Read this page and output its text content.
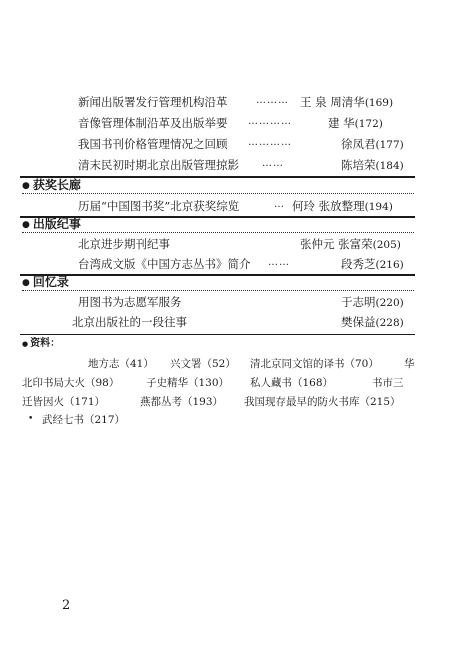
新闻出版署发行管理机构沿革	……… 王 泉 周清华(169)
音像管理体制沿革及出版举要 …………	建 华(172)
我国书刊价格管理情况之回顾 …………	徐凤君(177)
清末民初时期北京出版管理掠影 ……	陈培荣(184)
● 获奖长廊
历届“中国图书奖”北京获奖综览	… 何玲 张放整理(194)
● 出版纪事
北京进步期刊纪事	张仲元 张富荣(205)
台湾成文版《中国方志丛书》简介 ……	段秀芝(216)
● 回忆录
用图书为志愿军服务	于志明(220)
北京出版社的一段往事	樊保益(228)
● 资料：
地方志（41） 兴文署（52） 清北京同文馆的译书（70） 华
北印书局大火（98）	子史精华（130） 私人藏书（168）	书市三
迁皆因火（171）	燕都丛考（193） 我国现存最早的防火书库（215）
• 武经七书（217）
2
